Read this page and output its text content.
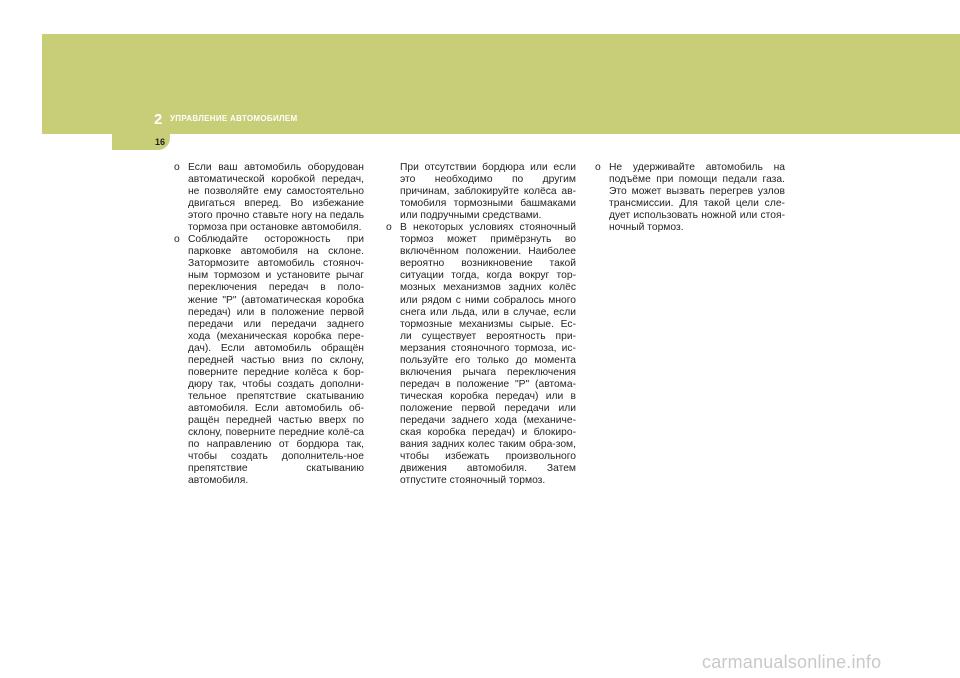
2 УПРАВЛЕНИЕ АВТОМОБИЛЕМ
16

o Если ваш автомобиль оборудован автоматической коробкой передач, не позволяйте ему самостоятельно двигаться вперед. Во избежание этого прочно ставьте ногу на педаль тормоза при остановке автомобиля.

o Соблюдайте осторожность при парковке автомобиля на склоне. Затормозите автомобиль стояноч-ным тормозом и установите рычаг переключения передач в поло-жение "P" (автоматическая коробка передач) или в положение первой передачи или передачи заднего хода (механическая коробка пере-дач). Если автомобиль обращён передней частью вниз по склону, поверните передние колёса к бор-дюру так, чтобы создать дополни-тельное препятствие скатыванию автомобиля. Если автомобиль об-ращён передней частью вверх по склону, поверните передние колё-са по направлению от бордюра так, чтобы создать дополнитель-ное препятствие скатыванию автомобиля.

При отсутствии бордюра или если это необходимо по другим причинам, заблокируйте колёса ав-томобиля тормозными башмаками или подручными средствами.

o В некоторых условиях стояночный тормоз может примёрзнуть во включённом положении. Наиболее вероятно возникновение такой ситуации тогда, когда вокруг тор-мозных механизмов задних колёс или рядом с ними собралось много снега или льда, или в случае, если тормозные механизмы сырые. Ес-ли существует вероятность при-мерзания стояночного тормоза, ис-пользуйте его только до момента включения рычага переключения передач в положение "P" (автома-тическая коробка передач) или в положение первой передачи или передачи заднего хода (механиче-ская коробка передач) и блокиро-вания задних колес таким обра-зом, чтобы избежать произвольного движения автомобиля. Затем отпустите стояночный тормоз.

o Не удерживайте автомобиль на подъёме при помощи педали газа. Это может вызвать перегрев узлов трансмиссии. Для такой цели сле-дует использовать ножной или стоя-ночный тормоз.

carmanualsonline.info
